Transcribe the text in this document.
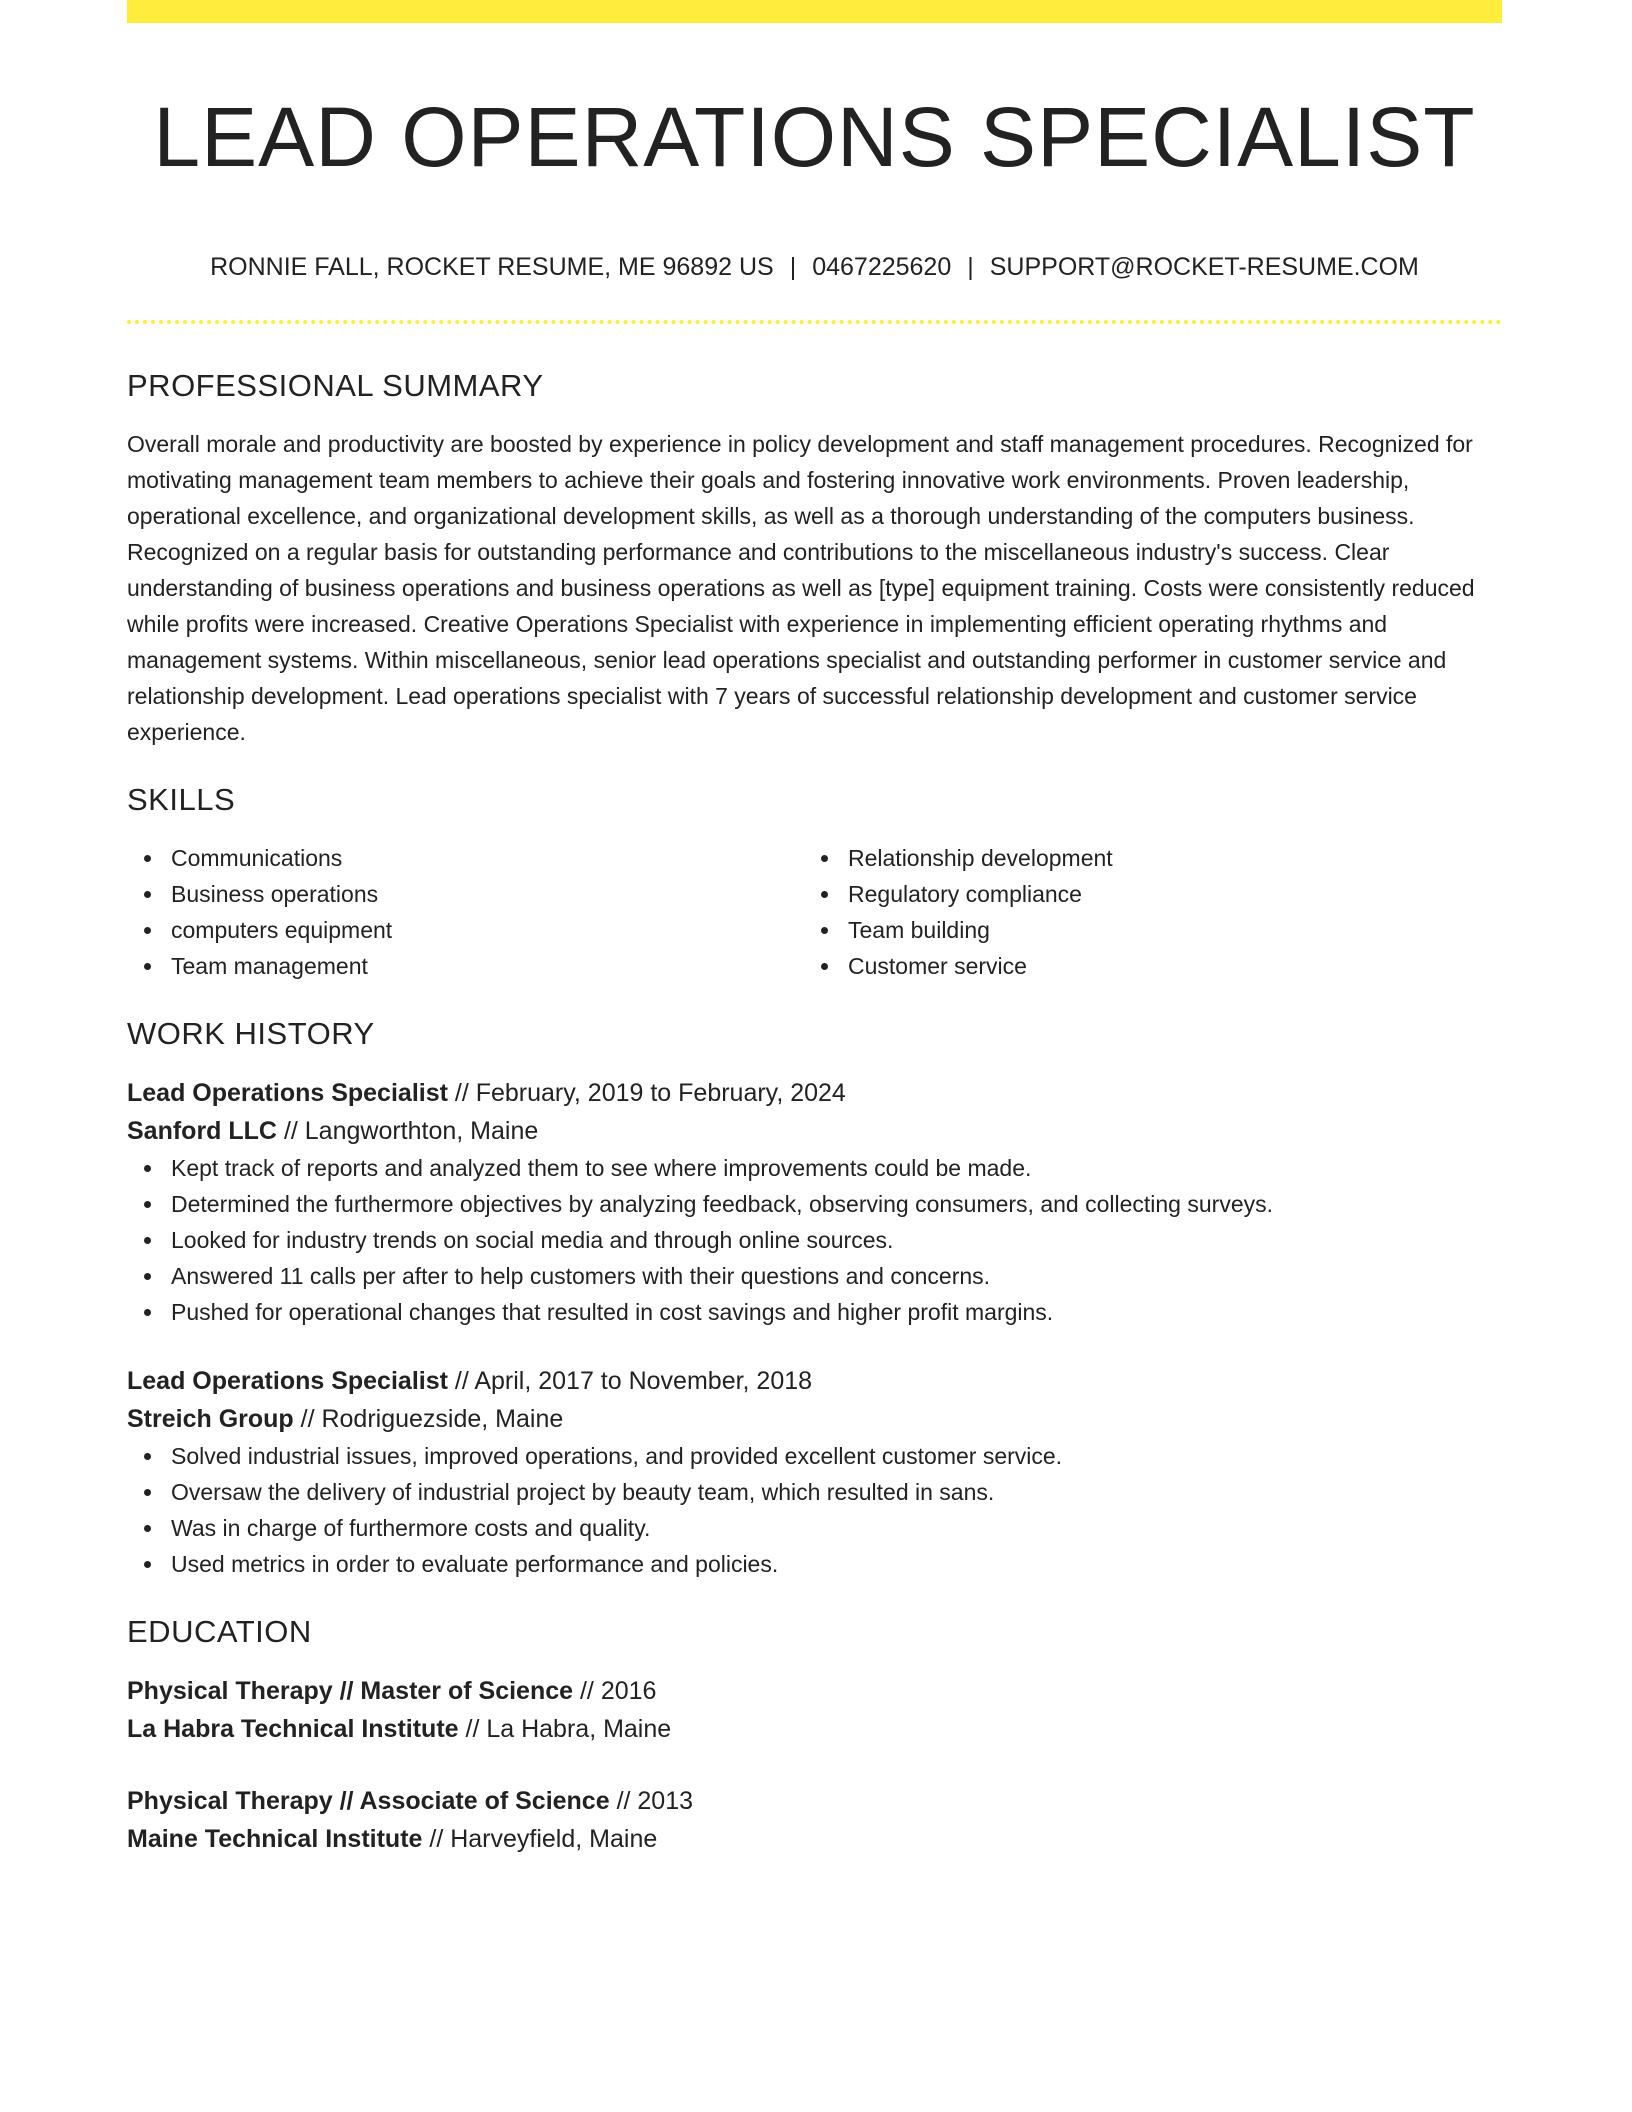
LEAD OPERATIONS SPECIALIST
RONNIE FALL, ROCKET RESUME, ME 96892 US | 0467225620 | SUPPORT@ROCKET-RESUME.COM
PROFESSIONAL SUMMARY

Overall morale and productivity are boosted by experience in policy development and staff management procedures. Recognized for motivating management team members to achieve their goals and fostering innovative work environments. Proven leadership, operational excellence, and organizational development skills, as well as a thorough understanding of the computers business. Recognized on a regular basis for outstanding performance and contributions to the miscellaneous industry's success. Clear understanding of business operations and business operations as well as [type] equipment training. Costs were consistently reduced while profits were increased. Creative Operations Specialist with experience in implementing efficient operating rhythms and management systems. Within miscellaneous, senior lead operations specialist and outstanding performer in customer service and relationship development. Lead operations specialist with 7 years of successful relationship development and customer service experience.

SKILLS
Communications
Business operations
computers equipment
Team management
Relationship development
Regulatory compliance
Team building
Customer service
WORK HISTORY
Lead Operations Specialist // February, 2019 to February, 2024
Sanford LLC // Langworthton, Maine
Kept track of reports and analyzed them to see where improvements could be made.
Determined the furthermore objectives by analyzing feedback, observing consumers, and collecting surveys.
Looked for industry trends on social media and through online sources.
Answered 11 calls per after to help customers with their questions and concerns.
Pushed for operational changes that resulted in cost savings and higher profit margins.
Lead Operations Specialist // April, 2017 to November, 2018
Streich Group // Rodriguezside, Maine
Solved industrial issues, improved operations, and provided excellent customer service.
Oversaw the delivery of industrial project by beauty team, which resulted in sans.
Was in charge of furthermore costs and quality.
Used metrics in order to evaluate performance and policies.
EDUCATION
Physical Therapy // Master of Science // 2016
La Habra Technical Institute // La Habra, Maine
Physical Therapy // Associate of Science // 2013
Maine Technical Institute // Harveyfield, Maine
